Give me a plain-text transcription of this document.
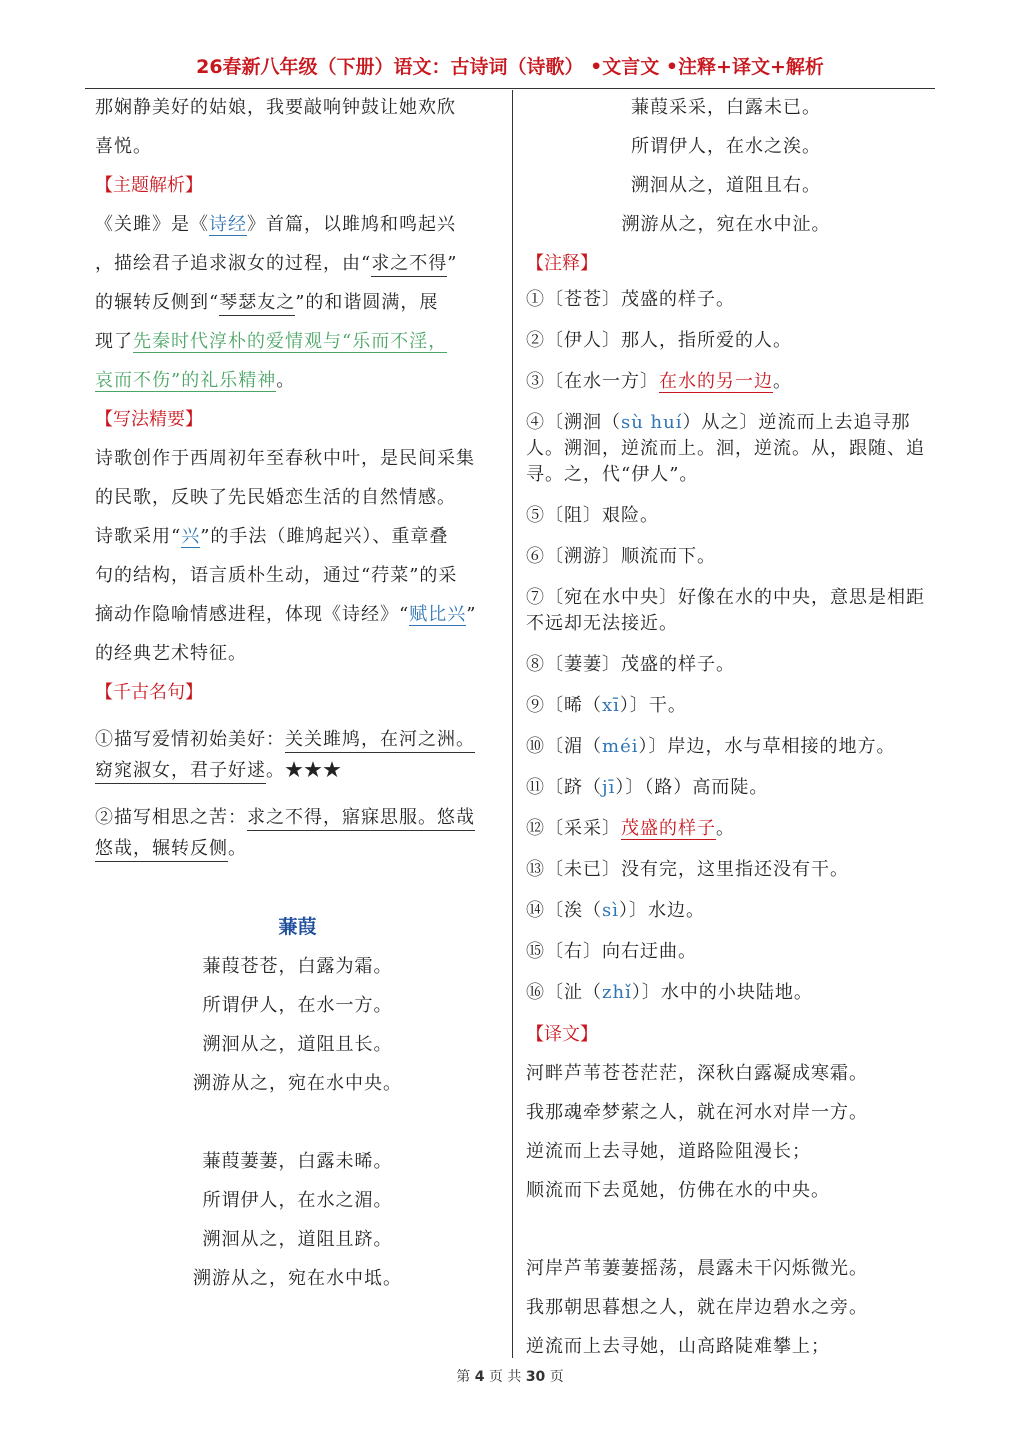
26春新八年级（下册）语文：古诗词（诗歌） •文言文 •注释+译文+解析
那娴静美好的姑娘，我要敲响钟鼓让她欢欣
喜悦。
【主题解析】
《关雎》是《诗经》首篇，以雎鸠和鸣起兴
，描绘君子追求淑女的过程，由“求之不得”
的辗转反侧到“琴瑟友之”的和谐圆满，展
现了先秦时代淳朴的爱情观与“乐而不淫，
哀而不伤”的礼乐精神。
【写法精要】
诗歌创作于西周初年至春秋中叶，是民间采集
的民歌，反映了先民婚恋生活的自然情感。
诗歌采用“兴”的手法（雎鸠起兴）、重章叠
句的结构，语言质朴生动，通过“荇菜”的采
摘动作隐喻情感进程，体现《诗经》“赋比兴”
的经典艺术特征。
【千古名句】
①描写爱情初始美好：关关雎鸠，在河之洲。
窈窕淑女，君子好逑。★★★
②描写相思之苦：求之不得，寤寐思服。悠哉
悠哉，辗转反侧。
蒹葭
蒹葭苍苍，白露为霜。
所谓伊人，在水一方。
溯洄从之，道阻且长。
溯游从之，宛在水中央。
蒹葭萋萋，白露未晞。
所谓伊人，在水之湄。
溯洄从之，道阻且跻。
溯游从之，宛在水中坻。
蒹葭采采，白露未已。
所谓伊人，在水之涘。
溯洄从之，道阻且右。
溯游从之，宛在水中沚。
【注释】
①〔苍苍〕茂盛的样子。
②〔伊人〕那人，指所爱的人。
③〔在水一方〕在水的另一边。
④〔溯洄（sù huí）从之〕逆流而上去追寻那人。溯洄，逆流而上。洄，逆流。从，跟随、追寻。之，代“伊人”。
⑤〔阻〕艰险。
⑥〔溯游〕顺流而下。
⑦〔宛在水中央〕好像在水的中央，意思是相距不远却无法接近。
⑧〔萋萋〕茂盛的样子。
⑨〔晞（xī）〕干。
⑩〔湄（méi）〕岸边，水与草相接的地方。
⑪〔跻（jī）〕（路）高而陡。
⑫〔采采〕茂盛的样子。
⑬〔未已〕没有完，这里指还没有干。
⑭〔涘（sì）〕水边。
⑮〔右〕向右迂曲。
⑯〔沚（zhǐ）〕水中的小块陆地。
【译文】
河畔芦苇苍苍茫茫，深秋白露凝成寒霜。
我那魂牵梦萦之人，就在河水对岸一方。
逆流而上去寻她，道路险阻漫长；
顺流而下去觅她，仿佛在水的中央。
河岸芦苇萋萋摇荡，晨露未干闪烁微光。
我那朝思暮想之人，就在岸边碧水之旁。
逆流而上去寻她，山高路陡难攀上；
第 4 页 共 30 页
